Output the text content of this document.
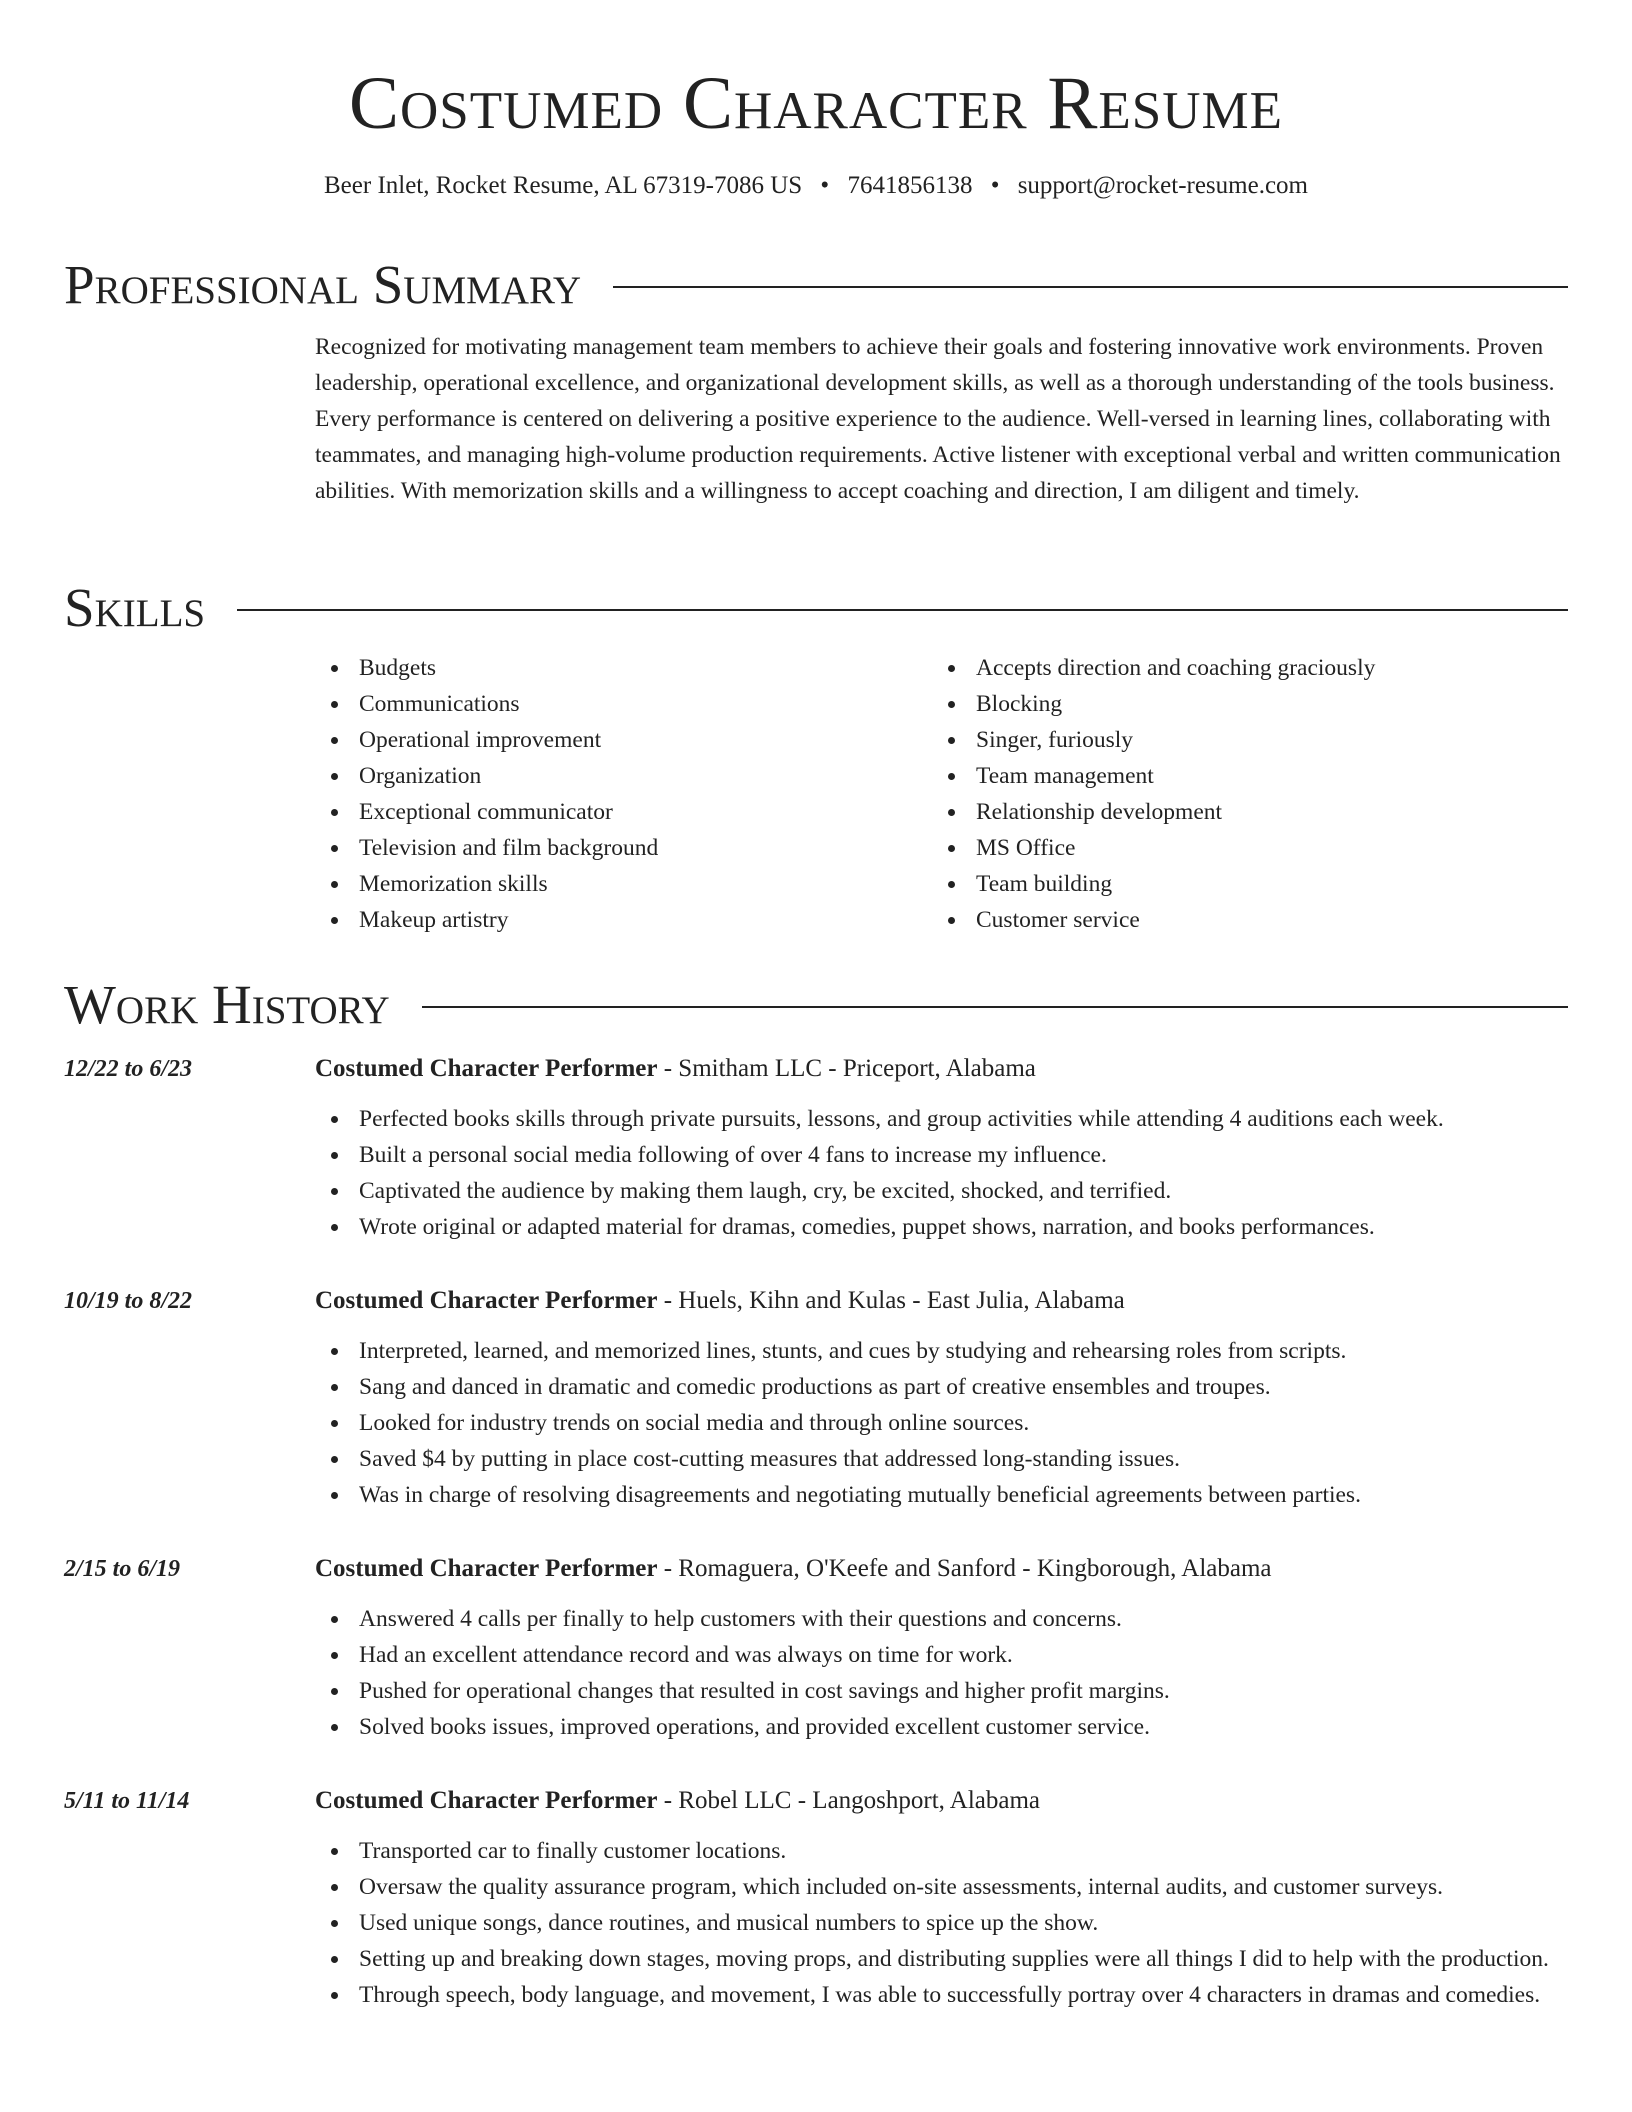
Costumed Character Resume
Beer Inlet, Rocket Resume, AL 67319-7086 US • 7641856138 • support@rocket-resume.com
Professional Summary

Recognized for motivating management team members to achieve their goals and fostering innovative work environments. Proven leadership, operational excellence, and organizational development skills, as well as a thorough understanding of the tools business. Every performance is centered on delivering a positive experience to the audience. Well-versed in learning lines, collaborating with teammates, and managing high-volume production requirements. Active listener with exceptional verbal and written communication abilities. With memorization skills and a willingness to accept coaching and direction, I am diligent and timely.

Skills
Budgets
Communications
Operational improvement
Organization
Exceptional communicator
Television and film background
Memorization skills
Makeup artistry
Accepts direction and coaching graciously
Blocking
Singer, furiously
Team management
Relationship development
MS Office
Team building
Customer service
Work History
12/22 to 6/23	Costumed Character Performer - Smitham LLC - Priceport, Alabama
Perfected books skills through private pursuits, lessons, and group activities while attending 4 auditions each week.
Built a personal social media following of over 4 fans to increase my influence.
Captivated the audience by making them laugh, cry, be excited, shocked, and terrified.
Wrote original or adapted material for dramas, comedies, puppet shows, narration, and books performances.
10/19 to 8/22	Costumed Character Performer - Huels, Kihn and Kulas - East Julia, Alabama
Interpreted, learned, and memorized lines, stunts, and cues by studying and rehearsing roles from scripts.
Sang and danced in dramatic and comedic productions as part of creative ensembles and troupes.
Looked for industry trends on social media and through online sources.
Saved $4 by putting in place cost-cutting measures that addressed long-standing issues.
Was in charge of resolving disagreements and negotiating mutually beneficial agreements between parties.
2/15 to 6/19	Costumed Character Performer - Romaguera, O'Keefe and Sanford - Kingborough, Alabama
Answered 4 calls per finally to help customers with their questions and concerns.
Had an excellent attendance record and was always on time for work.
Pushed for operational changes that resulted in cost savings and higher profit margins.
Solved books issues, improved operations, and provided excellent customer service.
5/11 to 11/14	Costumed Character Performer - Robel LLC - Langoshport, Alabama
Transported car to finally customer locations.
Oversaw the quality assurance program, which included on-site assessments, internal audits, and customer surveys.
Used unique songs, dance routines, and musical numbers to spice up the show.
Setting up and breaking down stages, moving props, and distributing supplies were all things I did to help with the production.
Through speech, body language, and movement, I was able to successfully portray over 4 characters in dramas and comedies.
